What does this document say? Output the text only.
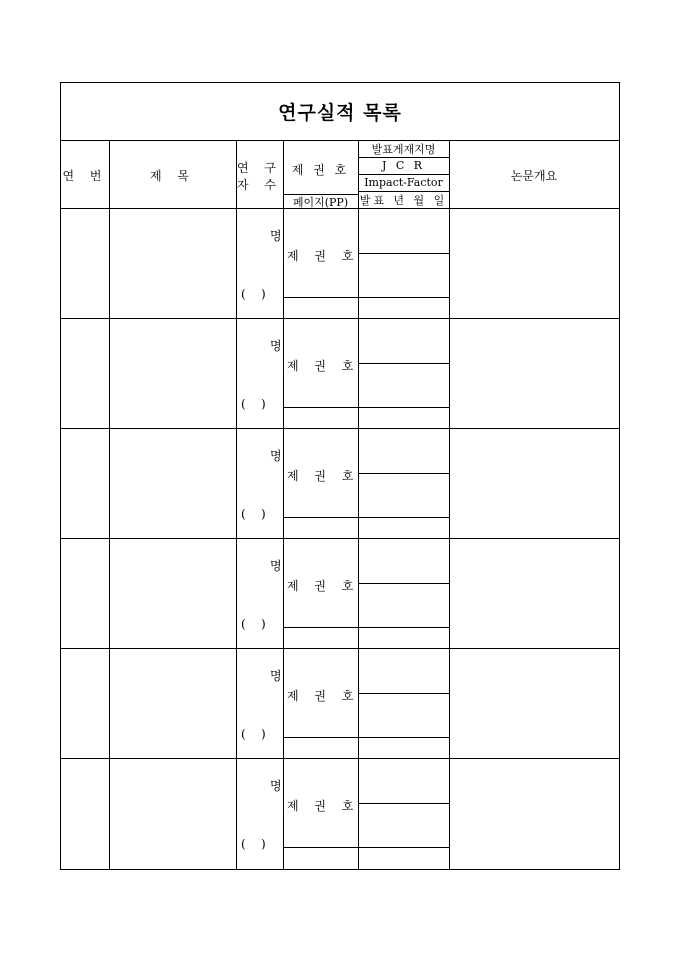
연구실적 목록
연 번	제 목
연 구
자 수
제 권 호
페이지(PP)
발표게재지명
J C R
Impact-Factor
발표 년 월 일
논문개요
명
(    )
제 권 호
명
(    )
제 권 호
명
(    )
제 권 호
명
(    )
제 권 호
명
(    )
제 권 호
명
(    )
제 권 호
